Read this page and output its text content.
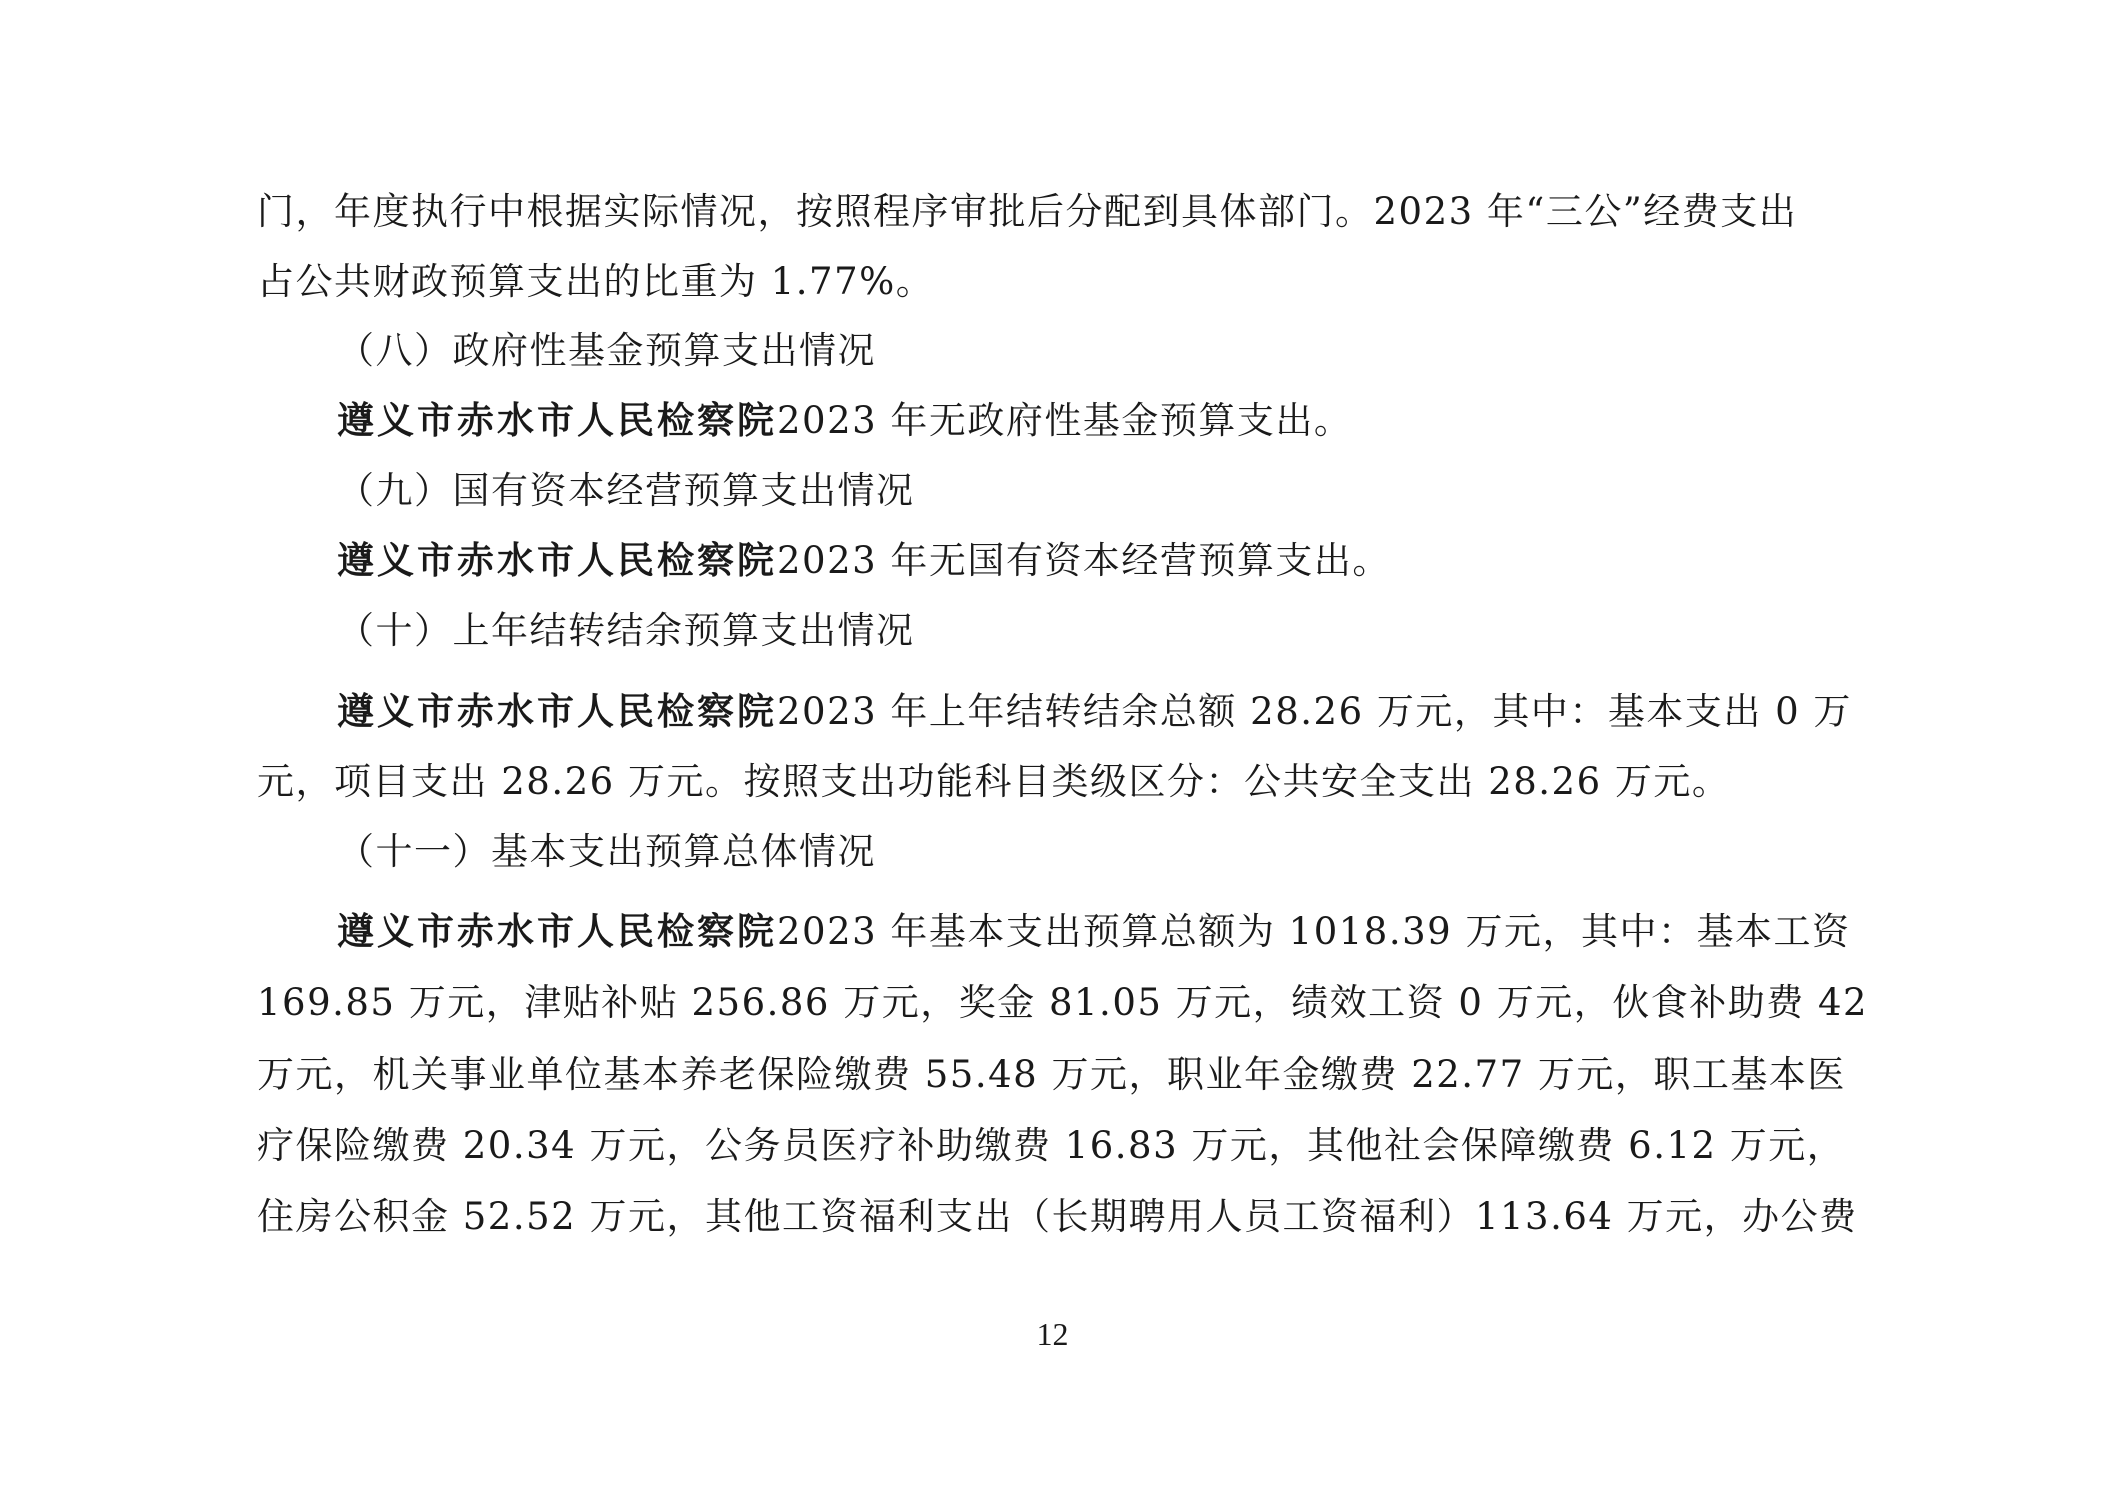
门，年度执行中根据实际情况，按照程序审批后分配到具体部门。2023 年“三公”经费支出
占公共财政预算支出的比重为 1.77%。
（八）政府性基金预算支出情况
遵义市赤水市人民检察院2023 年无政府性基金预算支出。
（九）国有资本经营预算支出情况
遵义市赤水市人民检察院2023 年无国有资本经营预算支出。
（十）上年结转结余预算支出情况
遵义市赤水市人民检察院2023 年上年结转结余总额 28.26 万元，其中：基本支出 0 万
元，项目支出 28.26 万元。按照支出功能科目类级区分：公共安全支出 28.26 万元。
（十一）基本支出预算总体情况
遵义市赤水市人民检察院2023 年基本支出预算总额为 1018.39 万元，其中：基本工资
169.85 万元，津贴补贴 256.86 万元，奖金 81.05 万元，绩效工资 0 万元，伙食补助费 42
万元，机关事业单位基本养老保险缴费 55.48 万元，职业年金缴费 22.77 万元，职工基本医
疗保险缴费 20.34 万元，公务员医疗补助缴费 16.83 万元，其他社会保障缴费 6.12 万元，
住房公积金 52.52 万元，其他工资福利支出（长期聘用人员工资福利）113.64 万元，办公费
12
